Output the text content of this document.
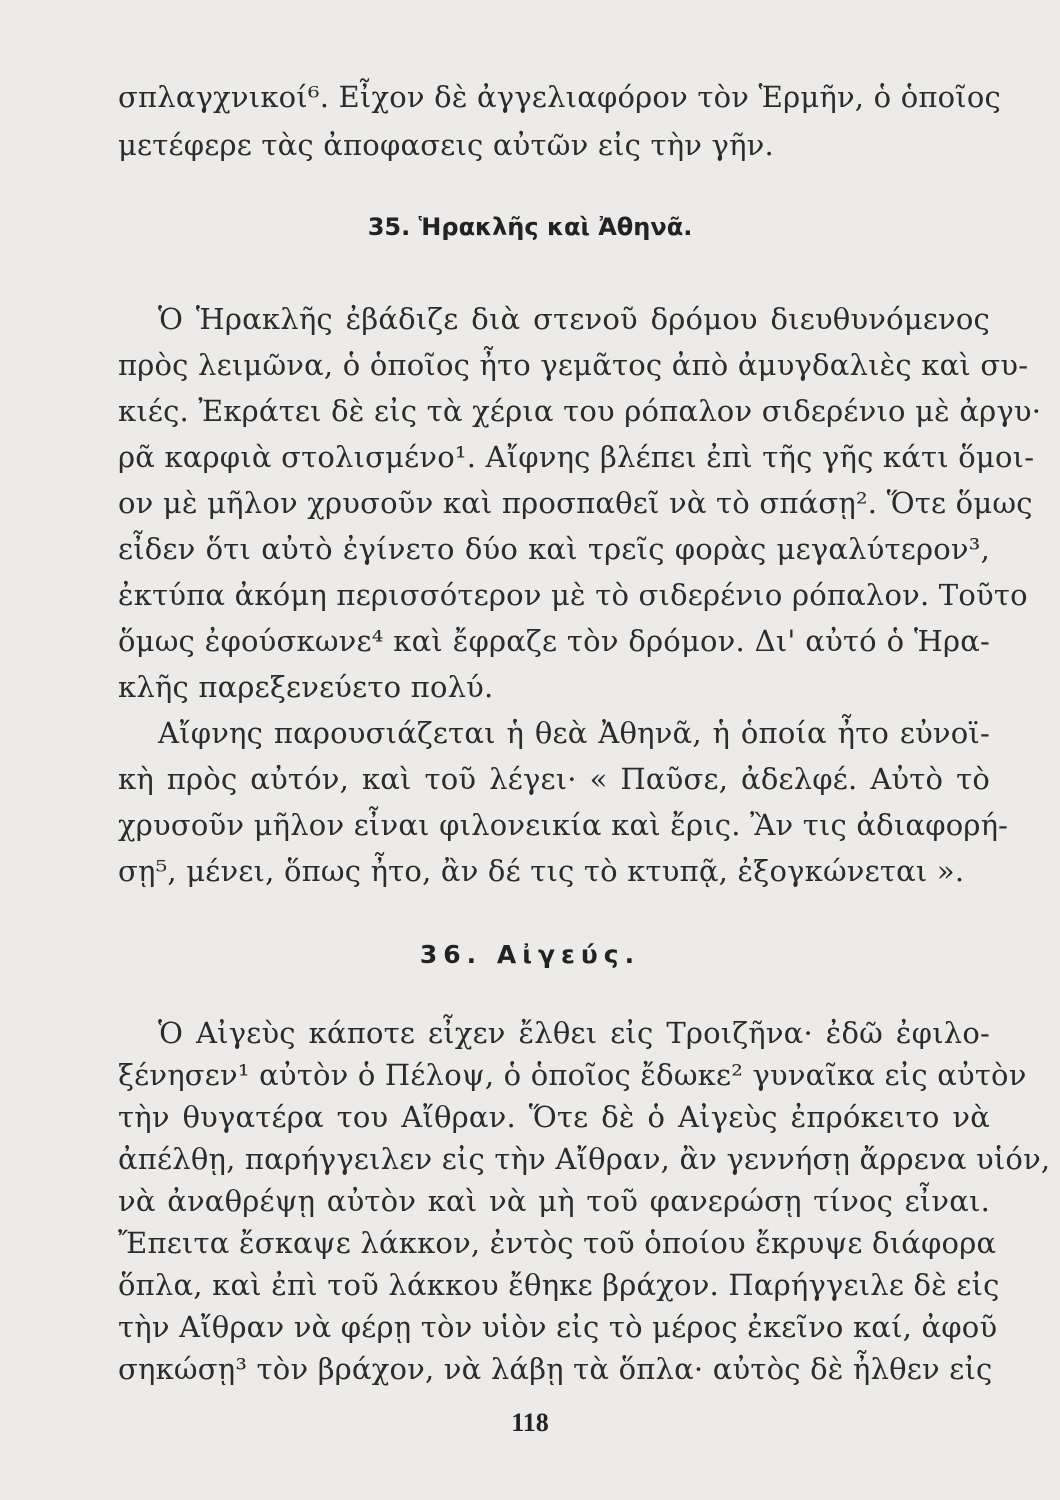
σπλαγχνικοί⁶. Εἶχον δὲ ἀγγελιαφόρον τὸν Ἑρμῆν, ὁ ὁποῖος
μετέφερε τὰς ἀποφασεις αὐτῶν εἰς τὴν γῆν.
35. Ἡρακλῆς καὶ Ἀθηνᾶ.
Ὁ Ἡρακλῆς ἐβάδιζε διὰ στενοῦ δρόμου διευθυνόμενος
πρὸς λειμῶνα, ὁ ὁποῖος ἦτο γεμᾶτος ἀπὸ ἀμυγδαλιὲς καὶ συ-
κιές. Ἐκράτει δὲ εἰς τὰ χέρια του ρόπαλον σιδερένιο μὲ ἀργυ·
ρᾶ καρφιὰ στολισμένο¹. Αἴφνης βλέπει ἐπὶ τῆς γῆς κάτι ὅμοι-
ον μὲ μῆλον χρυσοῦν καὶ προσπαθεῖ νὰ τὸ σπάσῃ². Ὅτε ὅμως
εἶδεν ὅτι αὐτὸ ἐγίνετο δύο καὶ τρεῖς φορὰς μεγαλύτερον³,
ἐκτύπα ἀκόμη περισσότερον μὲ τὸ σιδερένιο ρόπαλον. Τοῦτο
ὅμως ἐφούσκωνε⁴ καὶ ἔφραζε τὸν δρόμον. Δι' αὐτό ὁ Ἡρα-
κλῆς παρεξενεύετο πολύ.
Αἴφνης παρουσιάζεται ἡ θεὰ Ἀθηνᾶ, ἡ ὁποία ἦτο εὐνοϊ-
κὴ πρὸς αὐτόν, καὶ τοῦ λέγει· « Παῦσε, ἀδελφέ. Αὐτὸ τὸ
χρυσοῦν μῆλον εἶναι φιλονεικία καὶ ἔρις. Ἂν τις ἀδιαφορή-
σῃ⁵, μένει, ὅπως ἦτο, ἂν δέ τις τὸ κτυπᾷ, ἐξογκώνεται ».
36. Αἰγεύς.
Ὁ Αἰγεὺς κάποτε εἶχεν ἔλθει εἰς Τροιζῆνα· ἐδῶ ἐφιλο-
ξένησεν¹ αὐτὸν ὁ Πέλοψ, ὁ ὁποῖος ἔδωκε² γυναῖκα εἰς αὐτὸν
τὴν θυγατέρα του Αἴθραν. Ὅτε δὲ ὁ Αἰγεὺς ἐπρόκειτο νὰ
ἀπέλθῃ, παρήγγειλεν εἰς τὴν Αἴθραν, ἂν γεννήσῃ ἄρρενα υἱόν,
νὰ ἀναθρέψῃ αὐτὸν καὶ νὰ μὴ τοῦ φανερώσῃ τίνος εἶναι.
Ἔπειτα ἔσκαψε λάκκον, ἐντὸς τοῦ ὁποίου ἔκρυψε διάφορα
ὅπλα, καὶ ἐπὶ τοῦ λάκκου ἔθηκε βράχον. Παρήγγειλε δὲ εἰς
τὴν Αἴθραν νὰ φέρῃ τὸν υἱὸν εἰς τὸ μέρος ἐκεῖνο καί, ἀφοῦ
118
σηκώσῃ³ τὸν βράχον, νὰ λάβῃ τὰ ὅπλα· αὐτὸς δὲ ἦλθεν εἰς
